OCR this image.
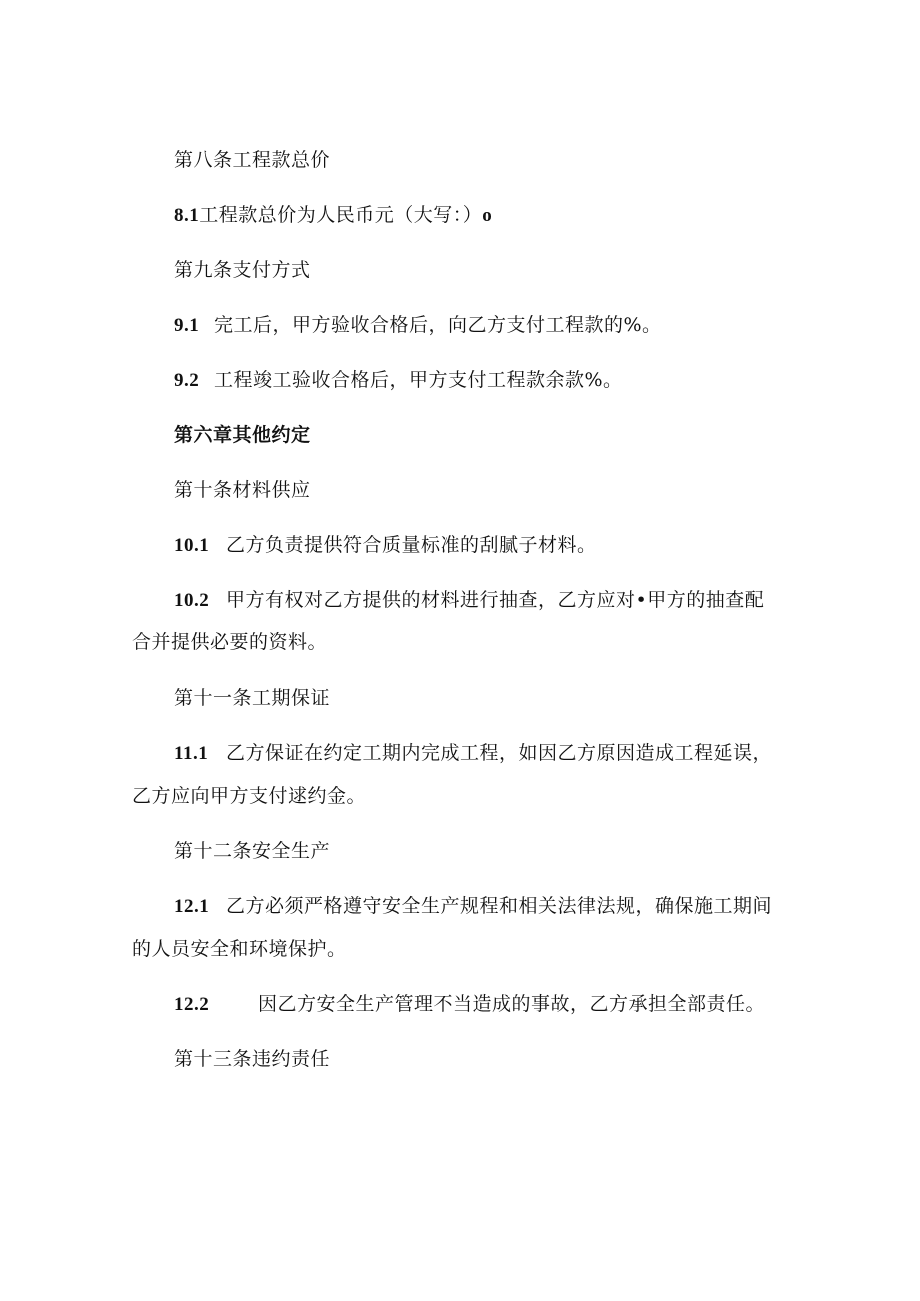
第八条工程款总价
8.1工程款总价为人民币元（大写：）o
第九条支付方式
9.1 完工后，甲方验收合格后，向乙方支付工程款的%。
9.2 工程竣工验收合格后，甲方支付工程款余款%。
第六章其他约定
第十条材料供应
10.1 乙方负责提供符合质量标准的刮腻子材料。
10.2 甲方有权对乙方提供的材料进行抽查，乙方应对•甲方的抽查配
合并提供必要的资料。
第十一条工期保证
11.1 乙方保证在约定工期内完成工程，如因乙方原因造成工程延误，
乙方应向甲方支付逑约金。
第十二条安全生产
12.1 乙方必须严格遵守安全生产规程和相关法律法规，确保施工期间
的人员安全和环境保护。
12.2	因乙方安全生产管理不当造成的事故，乙方承担全部责任。
第十三条违约责任
